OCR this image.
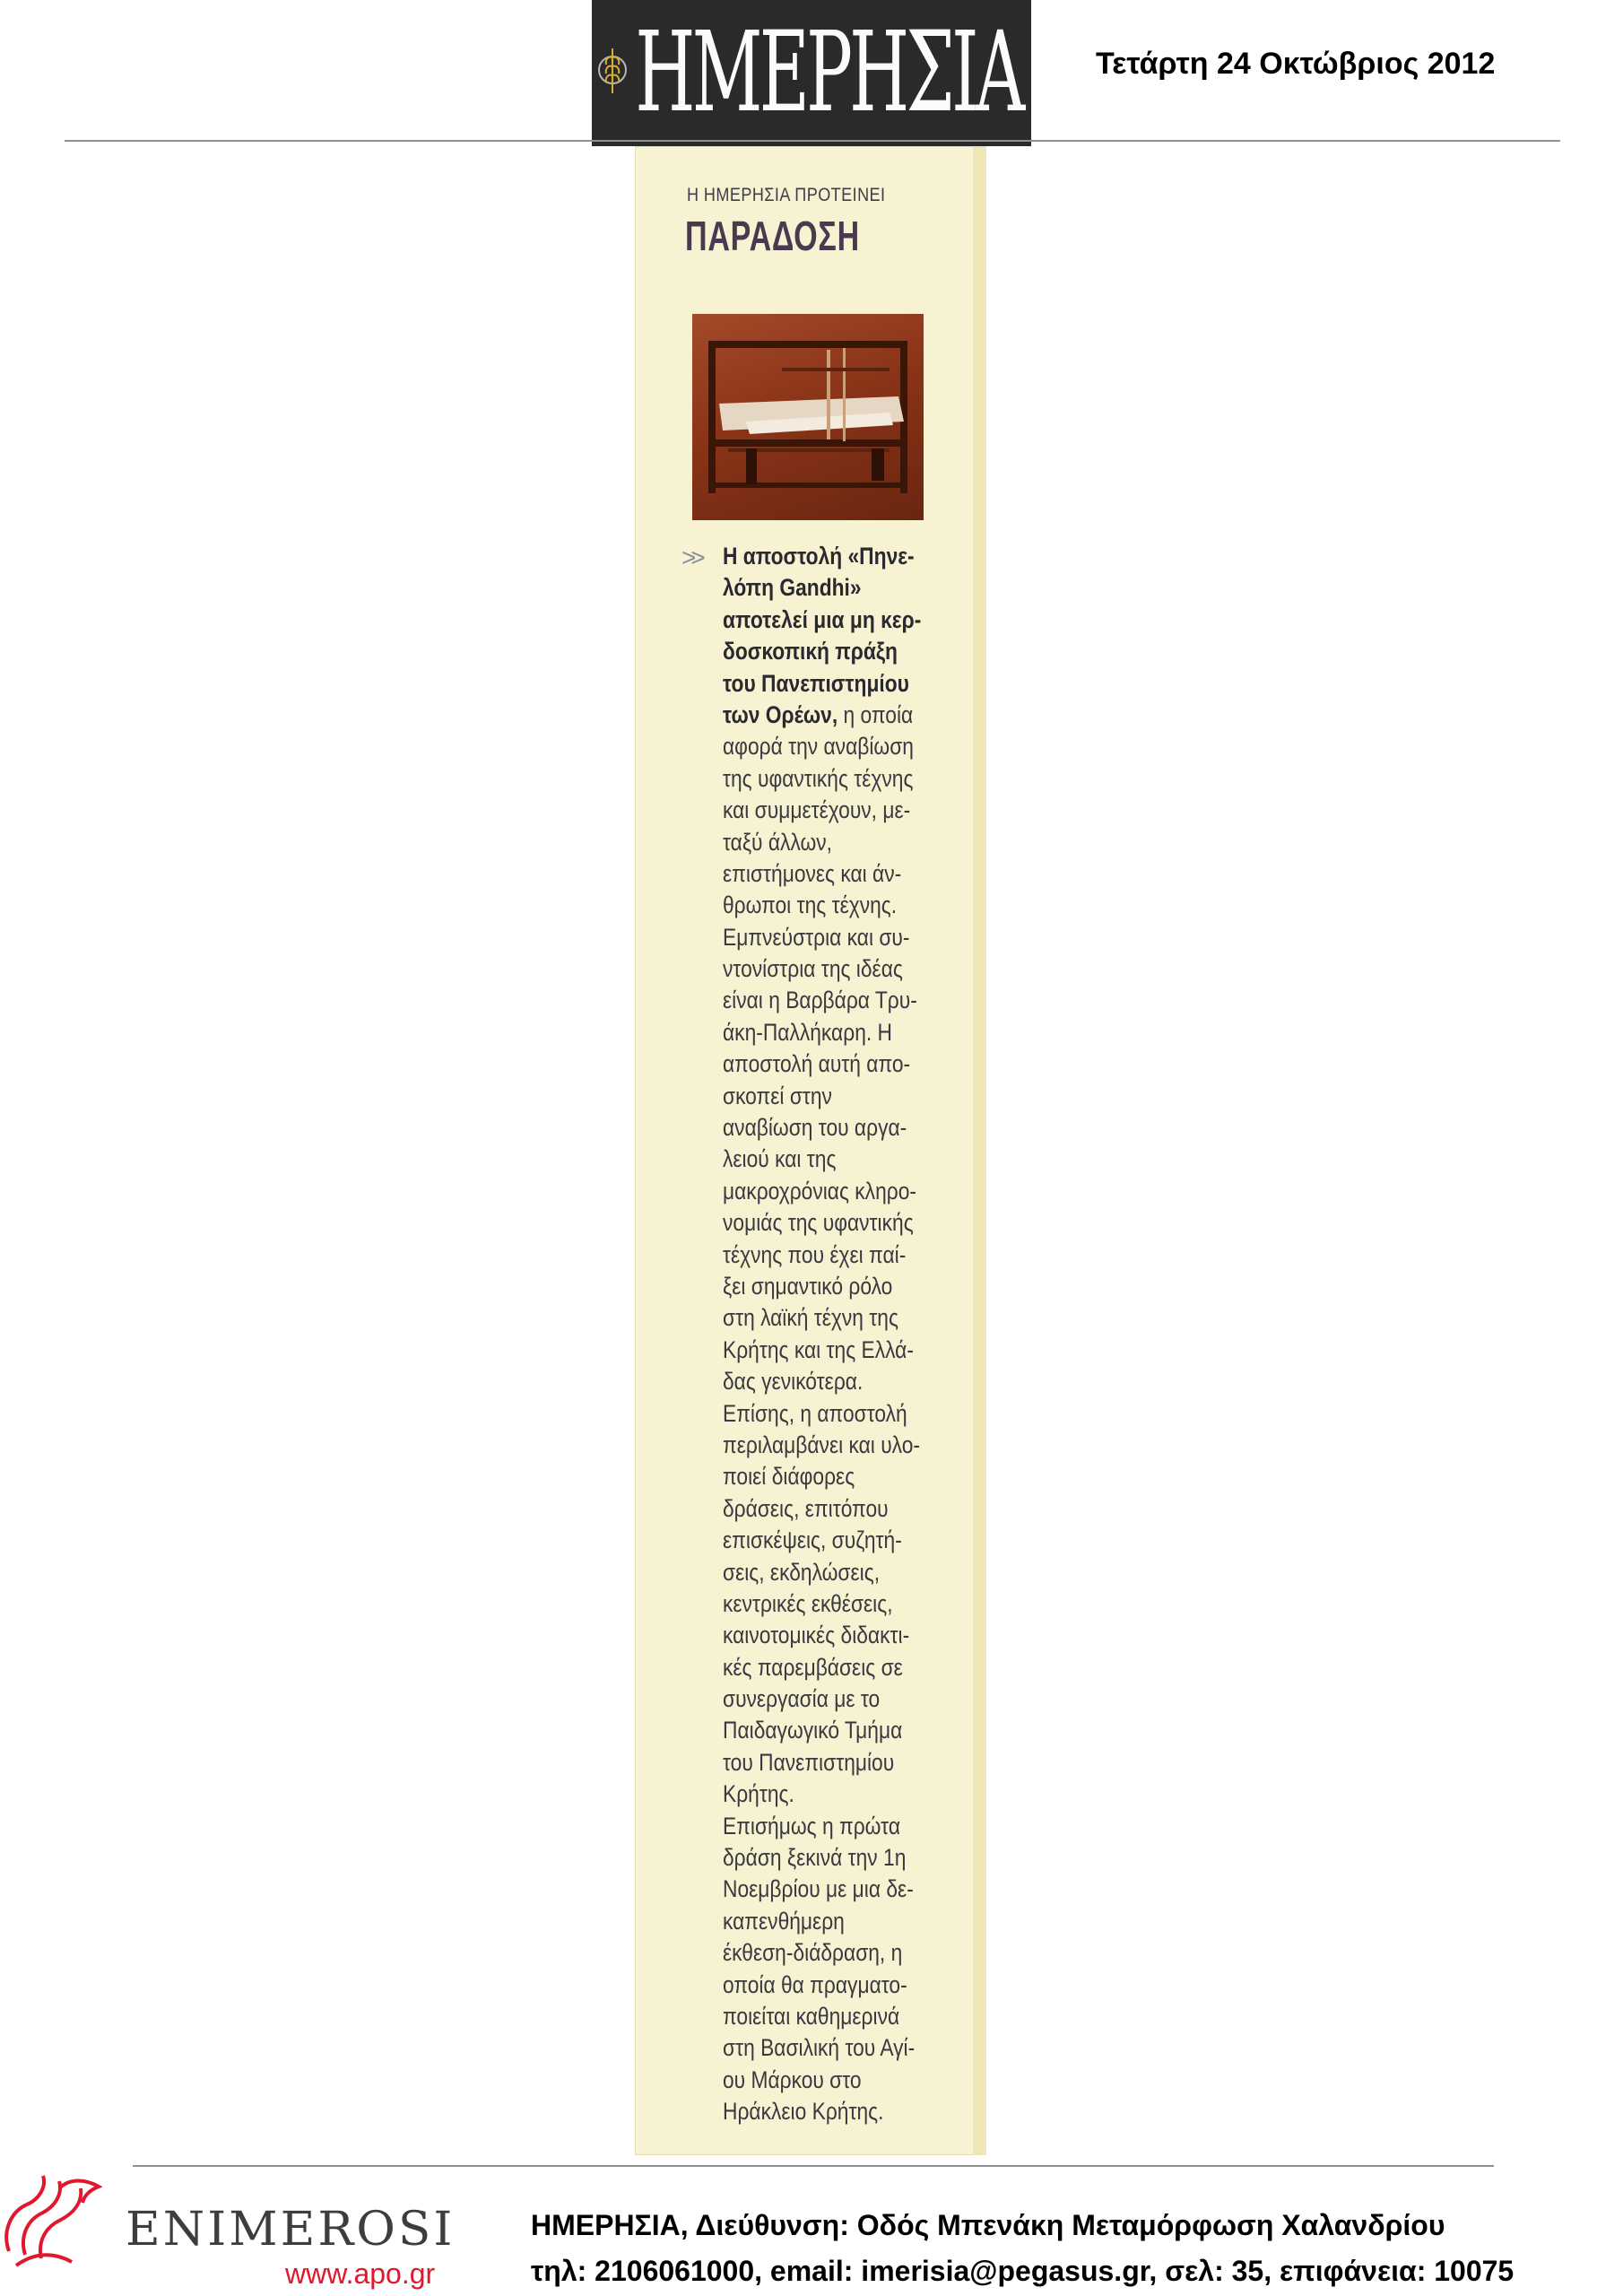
ΗΜΕΡΗΣΙΑ Τετάρτη 24 Οκτώβριος 2012
Η ΗΜΕΡΗΣΙΑ ΠΡΟΤΕΙΝΕΙ
ΠΑΡΑΔΟΣΗ
>> Η αποστολή «Πηνε-
λόπη Gandhi»
αποτελεί μια μη κερ-
δοσκοπική πράξη
του Πανεπιστημίου
των Ορέων, η οποία
αφορά την αναβίωση
της υφαντικής τέχνης
και συμμετέχουν, με-
ταξύ άλλων,
επιστήμονες και άν-
θρωποι της τέχνης.
Εμπνεύστρια και συ-
ντονίστρια της ιδέας
είναι η Βαρβάρα Τρυ-
άκη-Παλλήκαρη. Η
αποστολή αυτή απο-
σκοπεί στην
αναβίωση του αργα-
λειού και της
μακροχρόνιας κληρο-
νομιάς της υφαντικής
τέχνης που έχει παί-
ξει σημαντικό ρόλο
στη λαϊκή τέχνη της
Κρήτης και της Ελλά-
δας γενικότερα.
Επίσης, η αποστολή
περιλαμβάνει και υλο-
ποιεί διάφορες
δράσεις, επιτόπου
επισκέψεις, συζητή-
σεις, εκδηλώσεις,
κεντρικές εκθέσεις,
καινοτομικές διδακτι-
κές παρεμβάσεις σε
συνεργασία με το
Παιδαγωγικό Τμήμα
του Πανεπιστημίου
Κρήτης.
Επισήμως η πρώτα
δράση ξεκινά την 1η
Νοεμβρίου με μια δε-
καπενθήμερη
έκθεση-διάδραση, η
οποία θα πραγματο-
ποιείται καθημερινά
στη Βασιλική του Αγί-
ου Μάρκου στο
Ηράκλειο Κρήτης.
ENIMEROSI
www.apo.gr
ΗΜΕΡΗΣΙΑ, Διεύθυνση: Οδός Μπενάκη Μεταμόρφωση Χαλανδρίου
τηλ: 2106061000, email: imerisia@pegasus.gr, σελ: 35, επιφάνεια: 10075
